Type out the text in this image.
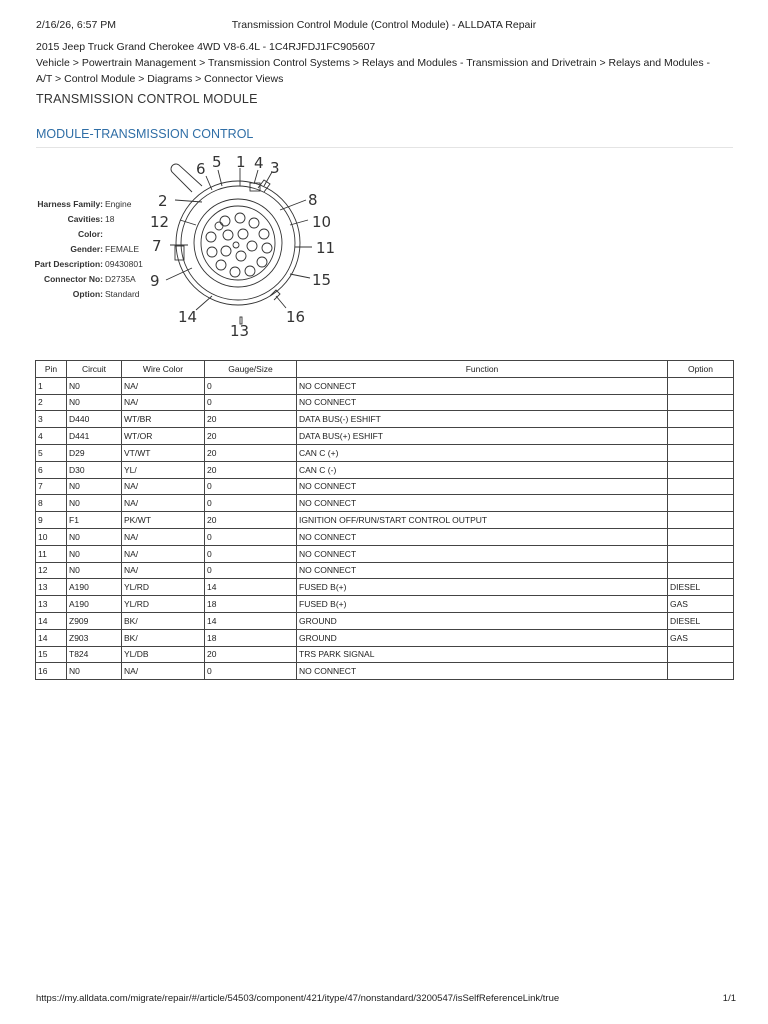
2/16/26, 6:57 PM	Transmission Control Module (Control Module) - ALLDATA Repair
2015 Jeep Truck Grand Cherokee 4WD V8-6.4L - 1C4RJFDJ1FC905607
Vehicle > Powertrain Management > Transmission Control Systems > Relays and Modules - Transmission and Drivetrain > Relays and Modules - A/T > Control Module > Diagrams > Connector Views
TRANSMISSION CONTROL MODULE
MODULE-TRANSMISSION CONTROL
Harness Family: Engine
Cavities: 18
Color:
Gender: FEMALE
Part Description: 09430801
Connector No: D2735A
Option: Standard
1
2
3
4
5
6
7
8
9
10
11
12
13
14
15
16
Pin	Circuit	Wire Color	Gauge/Size	Function	Option
1	N0	NA/	0	NO CONNECT	
2	N0	NA/	0	NO CONNECT	
3	D440	WT/BR	20	DATA BUS(-) ESHIFT	
4	D441	WT/OR	20	DATA BUS(+) ESHIFT	
5	D29	VT/WT	20	CAN C (+)	
6	D30	YL/	20	CAN C (-)	
7	N0	NA/	0	NO CONNECT	
8	N0	NA/	0	NO CONNECT	
9	F1	PK/WT	20	IGNITION OFF/RUN/START CONTROL OUTPUT	
10	N0	NA/	0	NO CONNECT	
11	N0	NA/	0	NO CONNECT	
12	N0	NA/	0	NO CONNECT	
13	A190	YL/RD	14	FUSED B(+)	DIESEL
13	A190	YL/RD	18	FUSED B(+)	GAS
14	Z909	BK/	14	GROUND	DIESEL
14	Z903	BK/	18	GROUND	GAS
15	T824	YL/DB	20	TRS PARK SIGNAL	
16	N0	NA/	0	NO CONNECT	
https://my.alldata.com/migrate/repair/#/article/54503/component/421/itype/47/nonstandard/3200547/isSelfReferenceLink/true	1/1
